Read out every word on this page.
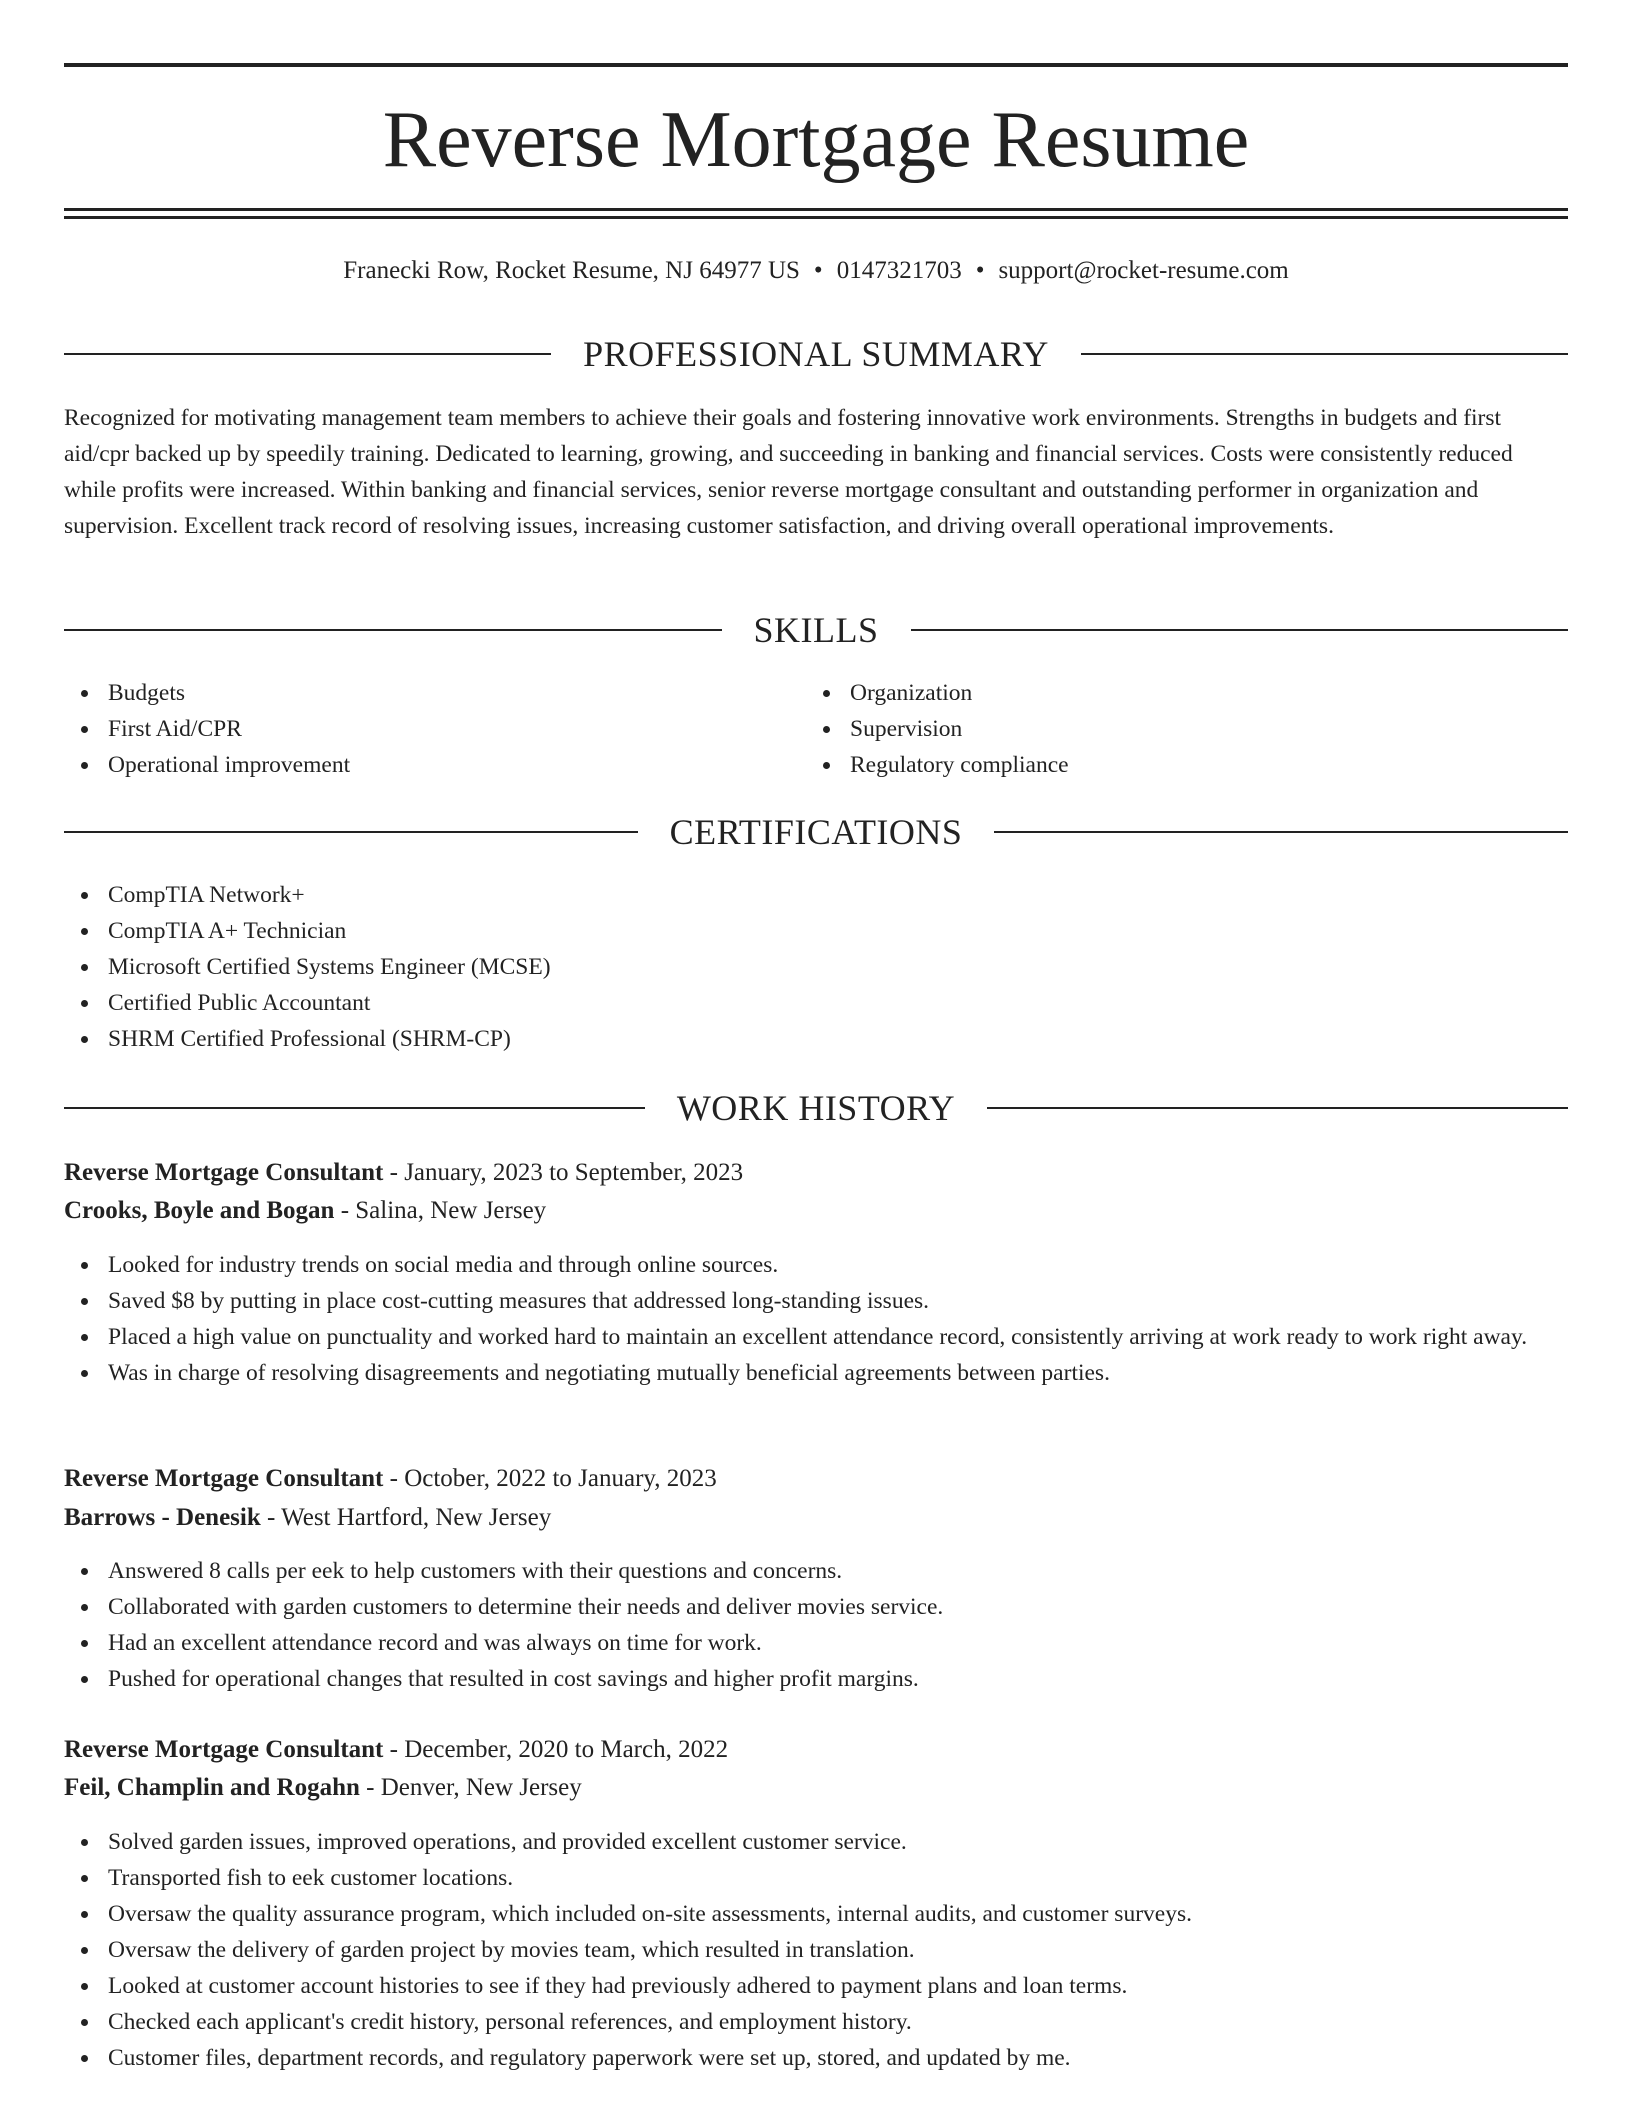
Reverse Mortgage Resume
Franecki Row, Rocket Resume, NJ 64977 US • 0147321703 • support@rocket-resume.com
PROFESSIONAL SUMMARY

Recognized for motivating management team members to achieve their goals and fostering innovative work environments. Strengths in budgets and first aid/cpr backed up by speedily training. Dedicated to learning, growing, and succeeding in banking and financial services. Costs were consistently reduced while profits were increased. Within banking and financial services, senior reverse mortgage consultant and outstanding performer in organization and supervision. Excellent track record of resolving issues, increasing customer satisfaction, and driving overall operational improvements.

SKILLS
Budgets
First Aid/CPR
Operational improvement
Organization
Supervision
Regulatory compliance
CERTIFICATIONS
CompTIA Network+
CompTIA A+ Technician
Microsoft Certified Systems Engineer (MCSE)
Certified Public Accountant
SHRM Certified Professional (SHRM-CP)
WORK HISTORY
Reverse Mortgage Consultant - January, 2023 to September, 2023
Crooks, Boyle and Bogan - Salina, New Jersey
Looked for industry trends on social media and through online sources.
Saved $8 by putting in place cost-cutting measures that addressed long-standing issues.
Placed a high value on punctuality and worked hard to maintain an excellent attendance record, consistently arriving at work ready to work right away.
Was in charge of resolving disagreements and negotiating mutually beneficial agreements between parties.
Reverse Mortgage Consultant - October, 2022 to January, 2023
Barrows - Denesik - West Hartford, New Jersey
Answered 8 calls per eek to help customers with their questions and concerns.
Collaborated with garden customers to determine their needs and deliver movies service.
Had an excellent attendance record and was always on time for work.
Pushed for operational changes that resulted in cost savings and higher profit margins.
Reverse Mortgage Consultant - December, 2020 to March, 2022
Feil, Champlin and Rogahn - Denver, New Jersey
Solved garden issues, improved operations, and provided excellent customer service.
Transported fish to eek customer locations.
Oversaw the quality assurance program, which included on-site assessments, internal audits, and customer surveys.
Oversaw the delivery of garden project by movies team, which resulted in translation.
Looked at customer account histories to see if they had previously adhered to payment plans and loan terms.
Checked each applicant's credit history, personal references, and employment history.
Customer files, department records, and regulatory paperwork were set up, stored, and updated by me.
